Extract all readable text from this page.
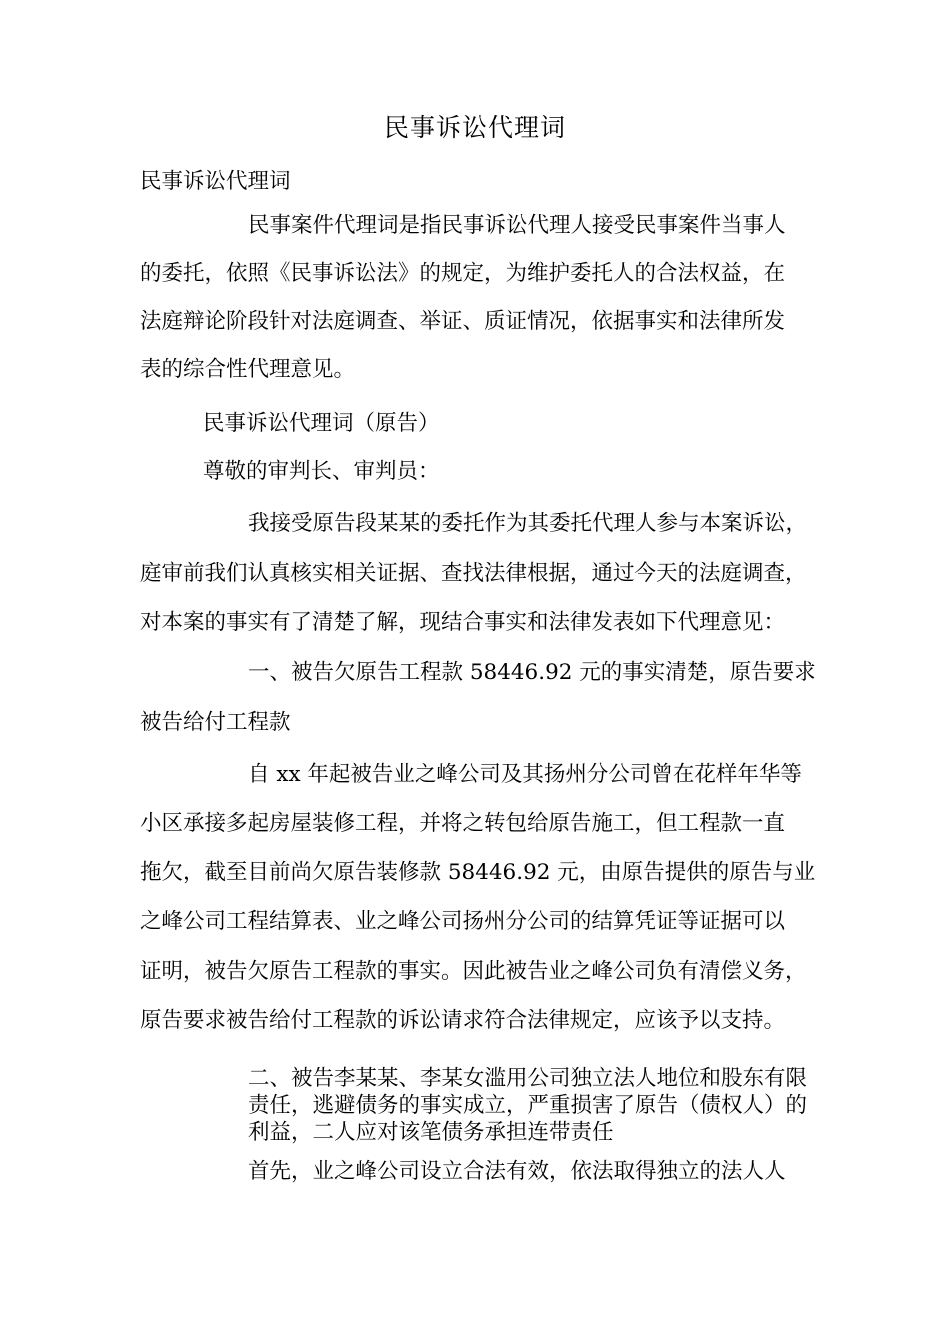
民事诉讼代理词
民事诉讼代理词
民事案件代理词是指民事诉讼代理人接受民事案件当事人
的委托，依照《民事诉讼法》的规定，为维护委托人的合法权益，在
法庭辩论阶段针对法庭调查、举证、质证情况，依据事实和法律所发
表的综合性代理意见。
民事诉讼代理词（原告）
尊敬的审判长、审判员：
我接受原告段某某的委托作为其委托代理人参与本案诉讼，
庭审前我们认真核实相关证据、查找法律根据，通过今天的法庭调查，
对本案的事实有了清楚了解，现结合事实和法律发表如下代理意见：
一、被告欠原告工程款 58446.92 元的事实清楚，原告要求
被告给付工程款
自 xx 年起被告业之峰公司及其扬州分公司曾在花样年华等
小区承接多起房屋装修工程，并将之转包给原告施工，但工程款一直
拖欠，截至目前尚欠原告装修款 58446.92 元，由原告提供的原告与业
之峰公司工程结算表、业之峰公司扬州分公司的结算凭证等证据可以
证明，被告欠原告工程款的事实。因此被告业之峰公司负有清偿义务，
原告要求被告给付工程款的诉讼请求符合法律规定，应该予以支持。
二、被告李某某、李某女滥用公司独立法人地位和股东有限责任，逃避债务的事实成立，严重损害了原告（债权人）的利益，二人应对该笔债务承担连带责任
首先，业之峰公司设立合法有效，依法取得独立的法人人
